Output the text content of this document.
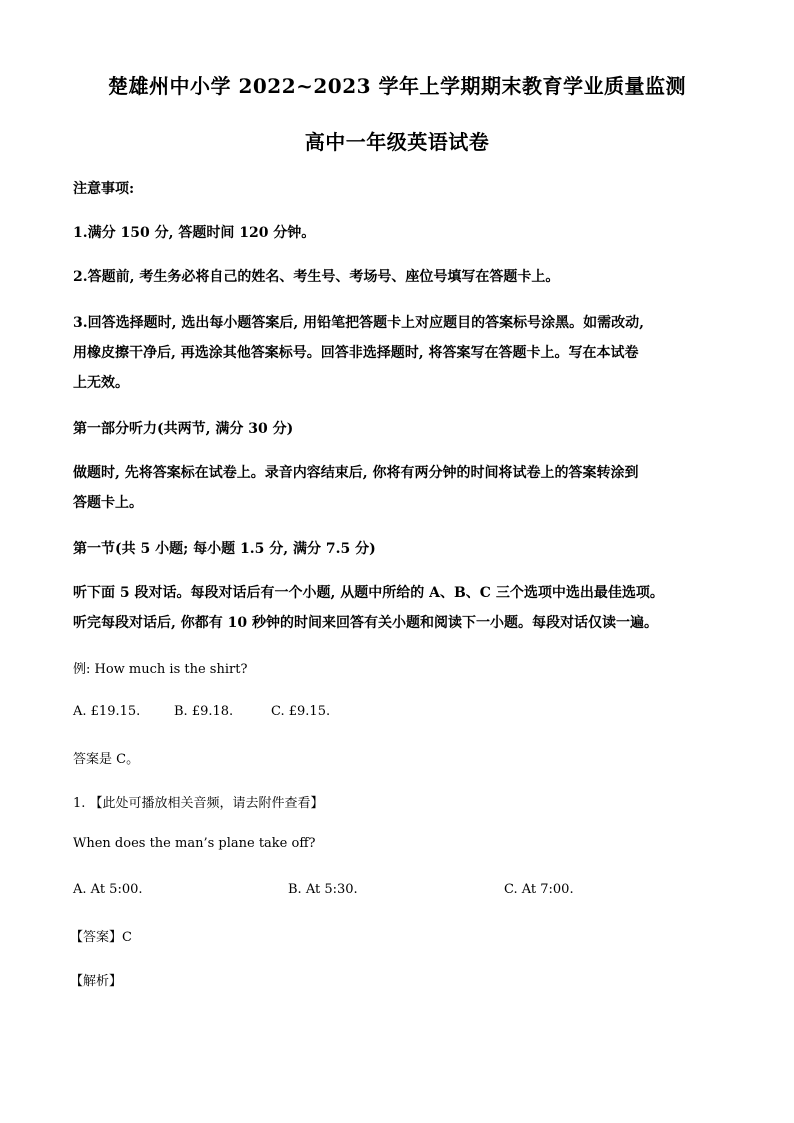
楚雄州中小学 2022~2023 学年上学期期末教育学业质量监测
高中一年级英语试卷
注意事项:
1.满分 150 分, 答题时间 120 分钟。
2.答题前, 考生务必将自己的姓名、考生号、考场号、座位号填写在答题卡上。
3.回答选择题时, 选出每小题答案后, 用铅笔把答题卡上对应题目的答案标号涂黑。如需改动,
用橡皮擦干净后, 再选涂其他答案标号。回答非选择题时, 将答案写在答题卡上。写在本试卷
上无效。
第一部分听力(共两节, 满分 30 分)
做题时, 先将答案标在试卷上。录音内容结束后, 你将有两分钟的时间将试卷上的答案转涂到
答题卡上。
第一节(共 5 小题; 每小题 1.5 分, 满分 7.5 分)
听下面 5 段对话。每段对话后有一个小题, 从题中所给的 A、B、C 三个选项中选出最佳选项。
听完每段对话后, 你都有 10 秒钟的时间来回答有关小题和阅读下一小题。每段对话仅读一遍。
例: How much is the shirt?
A. £19.15.	B. £9.18.	C. £9.15.
答案是 C。
1. 【此处可播放相关音频，请去附件查看】
When does the man’s plane take off?
A. At 5:00.	B. At 5:30.	C. At 7:00.
【答案】C
【解析】
